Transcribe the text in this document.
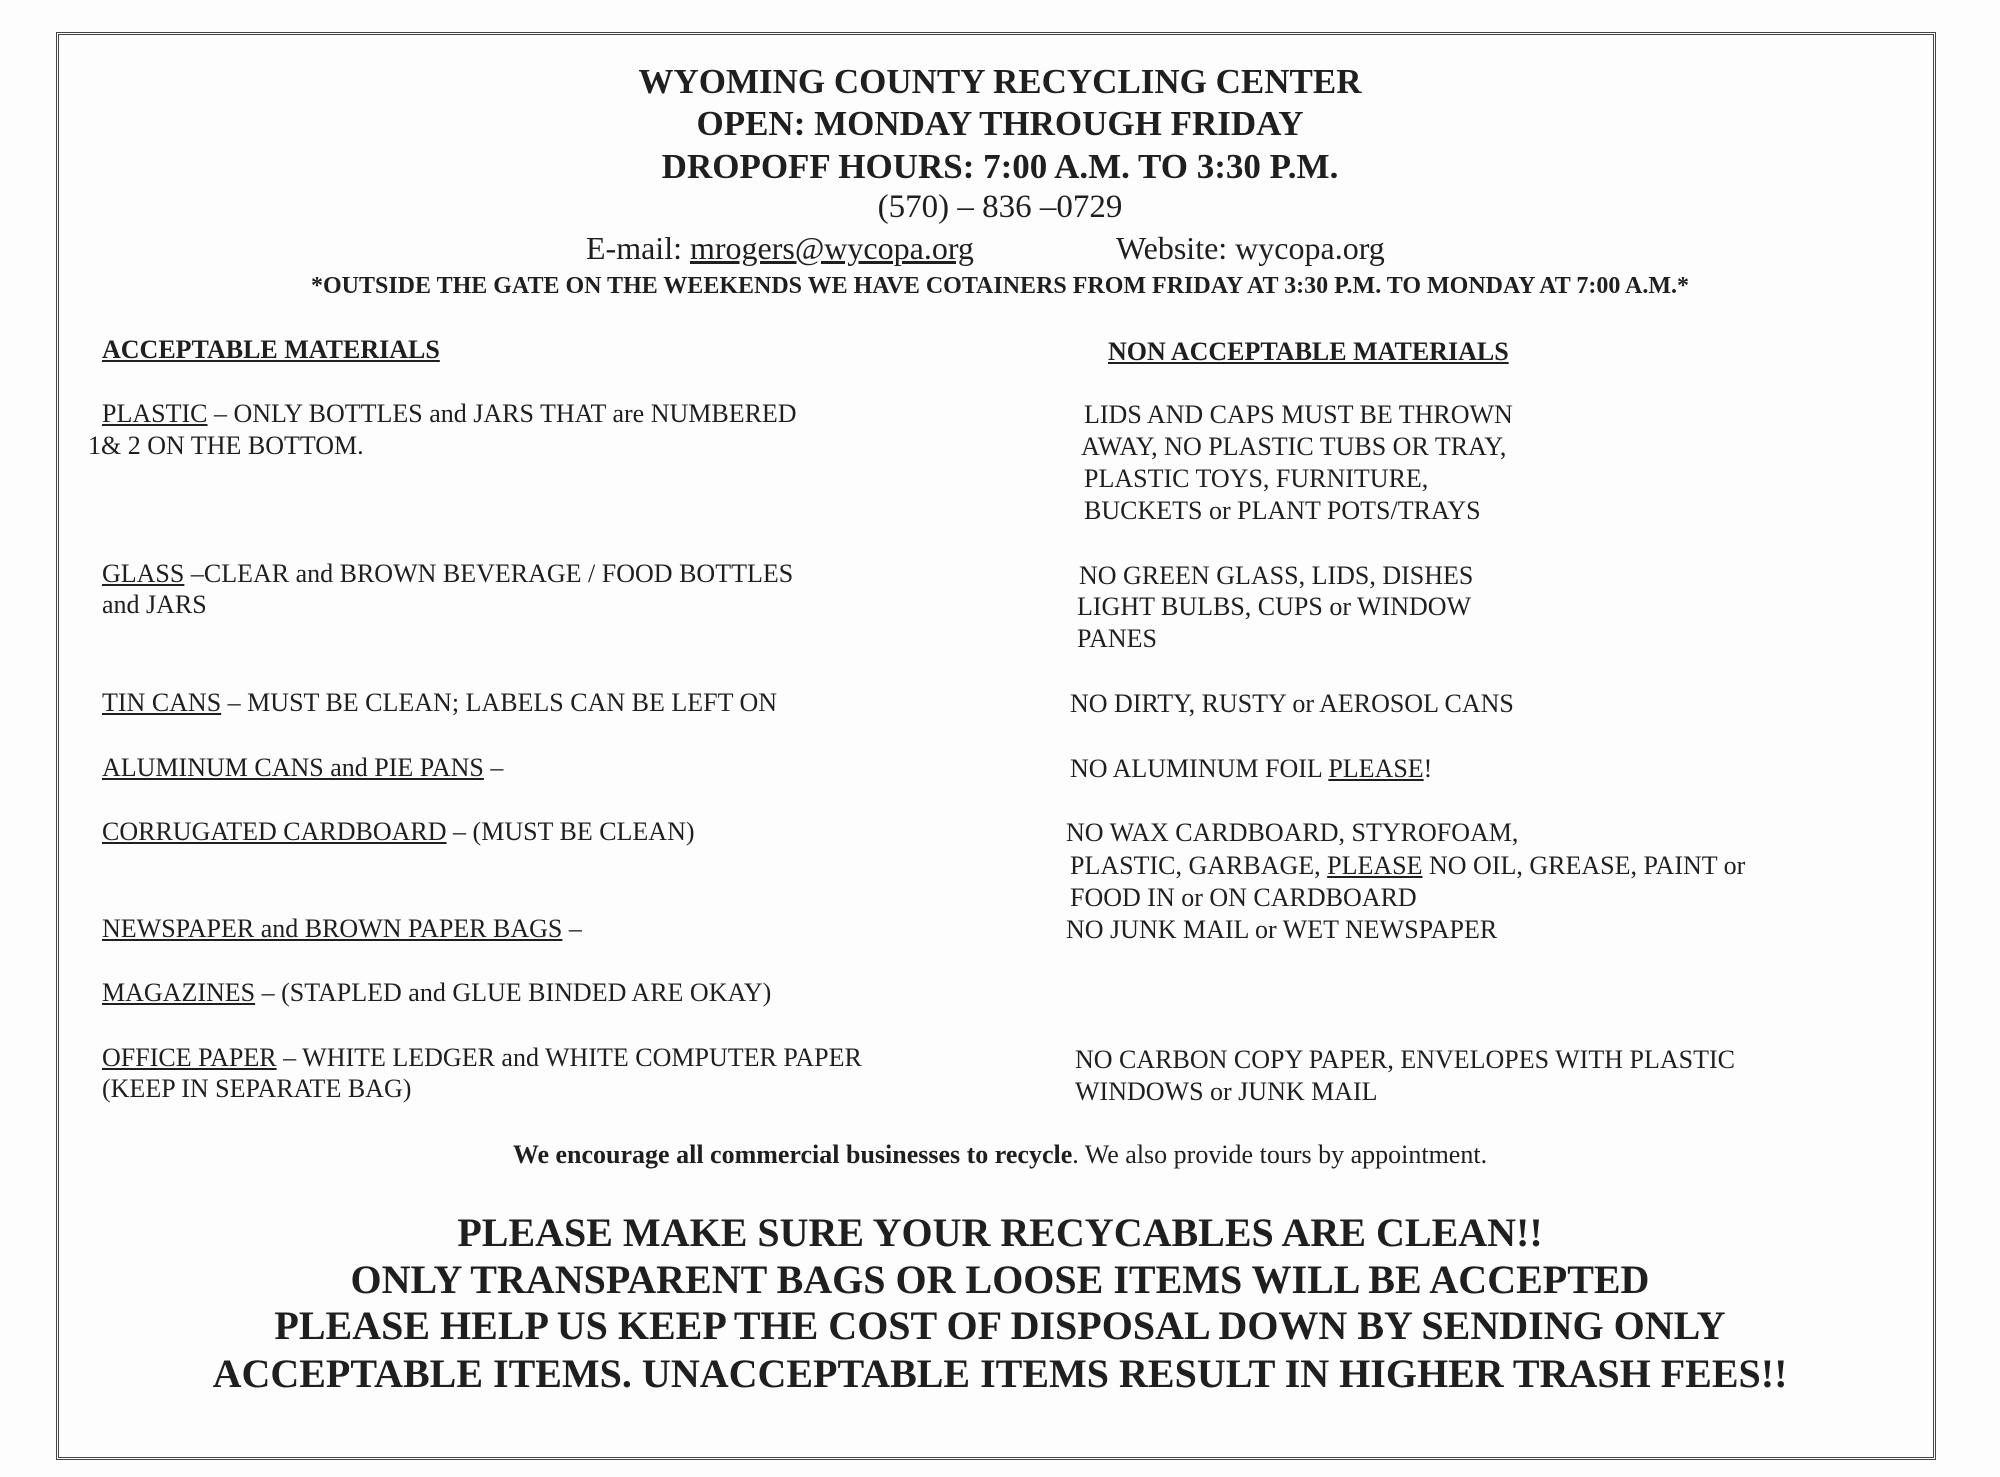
WYOMING COUNTY RECYCLING CENTER
OPEN: MONDAY THROUGH FRIDAY
DROPOFF HOURS: 7:00 A.M. TO 3:30 P.M.
(570) – 836 –0729
E-mail: mrogers@wycopa.org	Website: wycopa.org
*OUTSIDE THE GATE ON THE WEEKENDS WE HAVE COTAINERS FROM FRIDAY AT 3:30 P.M. TO MONDAY AT 7:00 A.M.*
ACCEPTABLE MATERIALS	NON ACCEPTABLE MATERIALS
PLASTIC – ONLY BOTTLES and JARS THAT are NUMBERED
1& 2 ON THE BOTTOM.
GLASS –CLEAR and BROWN BEVERAGE / FOOD BOTTLES
and JARS
TIN CANS – MUST BE CLEAN; LABELS CAN BE LEFT ON
ALUMINUM CANS and PIE PANS –
CORRUGATED CARDBOARD – (MUST BE CLEAN)
NEWSPAPER and BROWN PAPER BAGS –
MAGAZINES – (STAPLED and GLUE BINDED ARE OKAY)
OFFICE PAPER – WHITE LEDGER and WHITE COMPUTER PAPER
(KEEP IN SEPARATE BAG)
LIDS AND CAPS MUST BE THROWN
AWAY, NO PLASTIC TUBS OR TRAY,
PLASTIC TOYS, FURNITURE,
BUCKETS or PLANT POTS/TRAYS
NO GREEN GLASS, LIDS, DISHES
LIGHT BULBS, CUPS or WINDOW
PANES
NO DIRTY, RUSTY or AEROSOL CANS
NO ALUMINUM FOIL PLEASE!
NO WAX CARDBOARD, STYROFOAM,
PLASTIC, GARBAGE, PLEASE NO OIL, GREASE, PAINT or
FOOD IN or ON CARDBOARD
NO JUNK MAIL or WET NEWSPAPER
NO CARBON COPY PAPER, ENVELOPES WITH PLASTIC
WINDOWS or JUNK MAIL
We encourage all commercial businesses to recycle. We also provide tours by appointment.
PLEASE MAKE SURE YOUR RECYCABLES ARE CLEAN!!
ONLY TRANSPARENT BAGS OR LOOSE ITEMS WILL BE ACCEPTED
PLEASE HELP US KEEP THE COST OF DISPOSAL DOWN BY SENDING ONLY
ACCEPTABLE ITEMS. UNACCEPTABLE ITEMS RESULT IN HIGHER TRASH FEES!!
